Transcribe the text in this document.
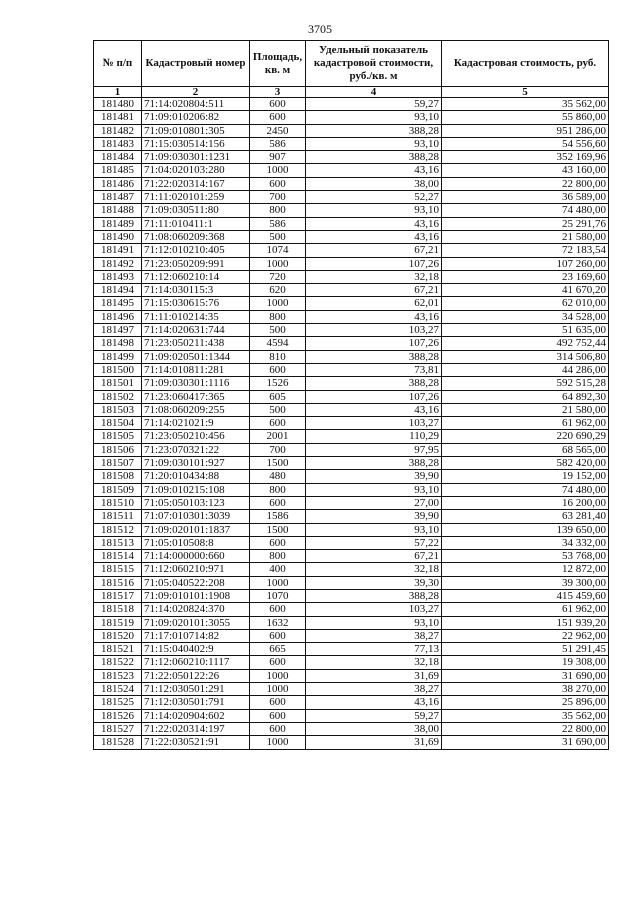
3705
№ п/п	Кадастровый номер	Площадь, кв. м	Удельный показатель кадастровой стоимости, руб./кв. м	Кадастровая стоимость, руб.
1	2	3	4	5
181480	71:14:020804:511	600	59,27	35 562,00
181481	71:09:010206:82	600	93,10	55 860,00
181482	71:09:010801:305	2450	388,28	951 286,00
181483	71:15:030514:156	586	93,10	54 556,60
181484	71:09:030301:1231	907	388,28	352 169,96
181485	71:04:020103:280	1000	43,16	43 160,00
181486	71:22:020314:167	600	38,00	22 800,00
181487	71:11:020101:259	700	52,27	36 589,00
181488	71:09:030511:80	800	93,10	74 480,00
181489	71:11:010411:1	586	43,16	25 291,76
181490	71:08:060209:368	500	43,16	21 580,00
181491	71:12:010210:405	1074	67,21	72 183,54
181492	71:23:050209:991	1000	107,26	107 260,00
181493	71:12:060210:14	720	32,18	23 169,60
181494	71:14:030115:3	620	67,21	41 670,20
181495	71:15:030615:76	1000	62,01	62 010,00
181496	71:11:010214:35	800	43,16	34 528,00
181497	71:14:020631:744	500	103,27	51 635,00
181498	71:23:050211:438	4594	107,26	492 752,44
181499	71:09:020501:1344	810	388,28	314 506,80
181500	71:14:010811:281	600	73,81	44 286,00
181501	71:09:030301:1116	1526	388,28	592 515,28
181502	71:23:060417:365	605	107,26	64 892,30
181503	71:08:060209:255	500	43,16	21 580,00
181504	71:14:021021:9	600	103,27	61 962,00
181505	71:23:050210:456	2001	110,29	220 690,29
181506	71:23:070321:22	700	97,95	68 565,00
181507	71:09:030101:927	1500	388,28	582 420,00
181508	71:20:010434:88	480	39,90	19 152,00
181509	71:09:010215:108	800	93,10	74 480,00
181510	71:05:050103:123	600	27,00	16 200,00
181511	71:07:010301:3039	1586	39,90	63 281,40
181512	71:09:020101:1837	1500	93,10	139 650,00
181513	71:05:010508:8	600	57,22	34 332,00
181514	71:14:000000:660	800	67,21	53 768,00
181515	71:12:060210:971	400	32,18	12 872,00
181516	71:05:040522:208	1000	39,30	39 300,00
181517	71:09:010101:1908	1070	388,28	415 459,60
181518	71:14:020824:370	600	103,27	61 962,00
181519	71:09:020101:3055	1632	93,10	151 939,20
181520	71:17:010714:82	600	38,27	22 962,00
181521	71:15:040402:9	665	77,13	51 291,45
181522	71:12:060210:1117	600	32,18	19 308,00
181523	71:22:050122:26	1000	31,69	31 690,00
181524	71:12:030501:291	1000	38,27	38 270,00
181525	71:12:030501:791	600	43,16	25 896,00
181526	71:14:020904:602	600	59,27	35 562,00
181527	71:22:020314:197	600	38,00	22 800,00
181528	71:22:030521:91	1000	31,69	31 690,00
